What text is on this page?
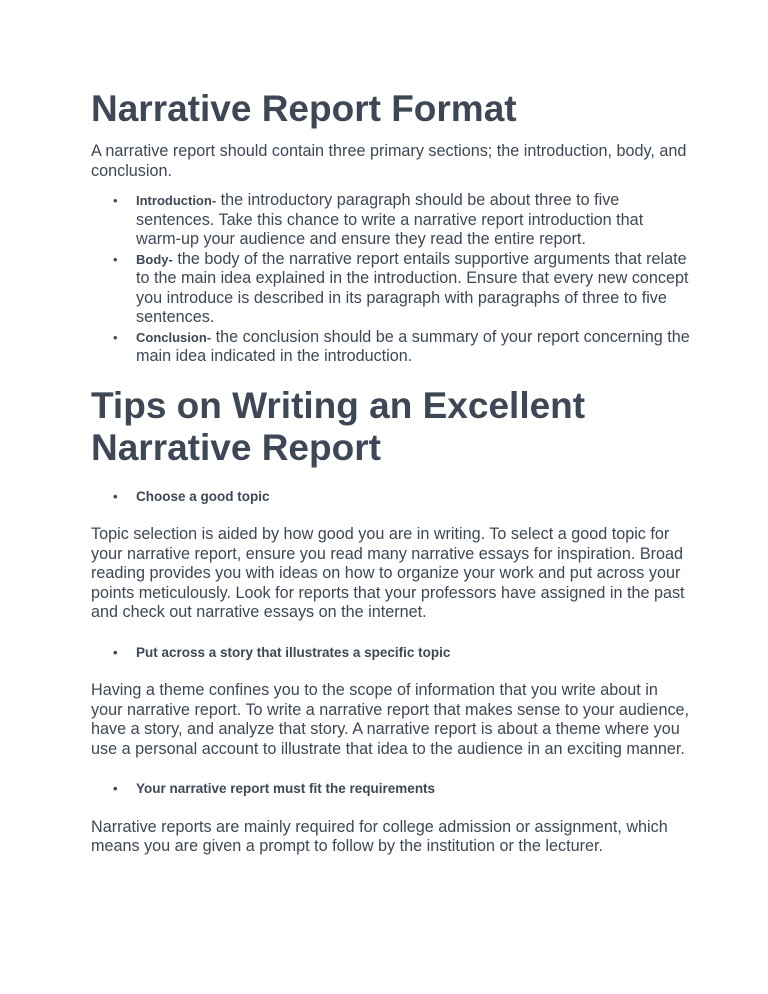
Narrative Report Format

A narrative report should contain three primary sections; the introduction, body, and conclusion.

• Introduction- the introductory paragraph should be about three to five sentences. Take this chance to write a narrative report introduction that warm-up your audience and ensure they read the entire report.
• Body- the body of the narrative report entails supportive arguments that relate to the main idea explained in the introduction. Ensure that every new concept you introduce is described in its paragraph with paragraphs of three to five sentences.
• Conclusion- the conclusion should be a summary of your report concerning the main idea indicated in the introduction.
Tips on Writing an Excellent Narrative Report
• Choose a good topic

Topic selection is aided by how good you are in writing. To select a good topic for your narrative report, ensure you read many narrative essays for inspiration. Broad reading provides you with ideas on how to organize your work and put across your points meticulously. Look for reports that your professors have assigned in the past and check out narrative essays on the internet.

• Put across a story that illustrates a specific topic

Having a theme confines you to the scope of information that you write about in your narrative report. To write a narrative report that makes sense to your audience, have a story, and analyze that story. A narrative report is about a theme where you use a personal account to illustrate that idea to the audience in an exciting manner.

• Your narrative report must fit the requirements

Narrative reports are mainly required for college admission or assignment, which means you are given a prompt to follow by the institution or the lecturer.
